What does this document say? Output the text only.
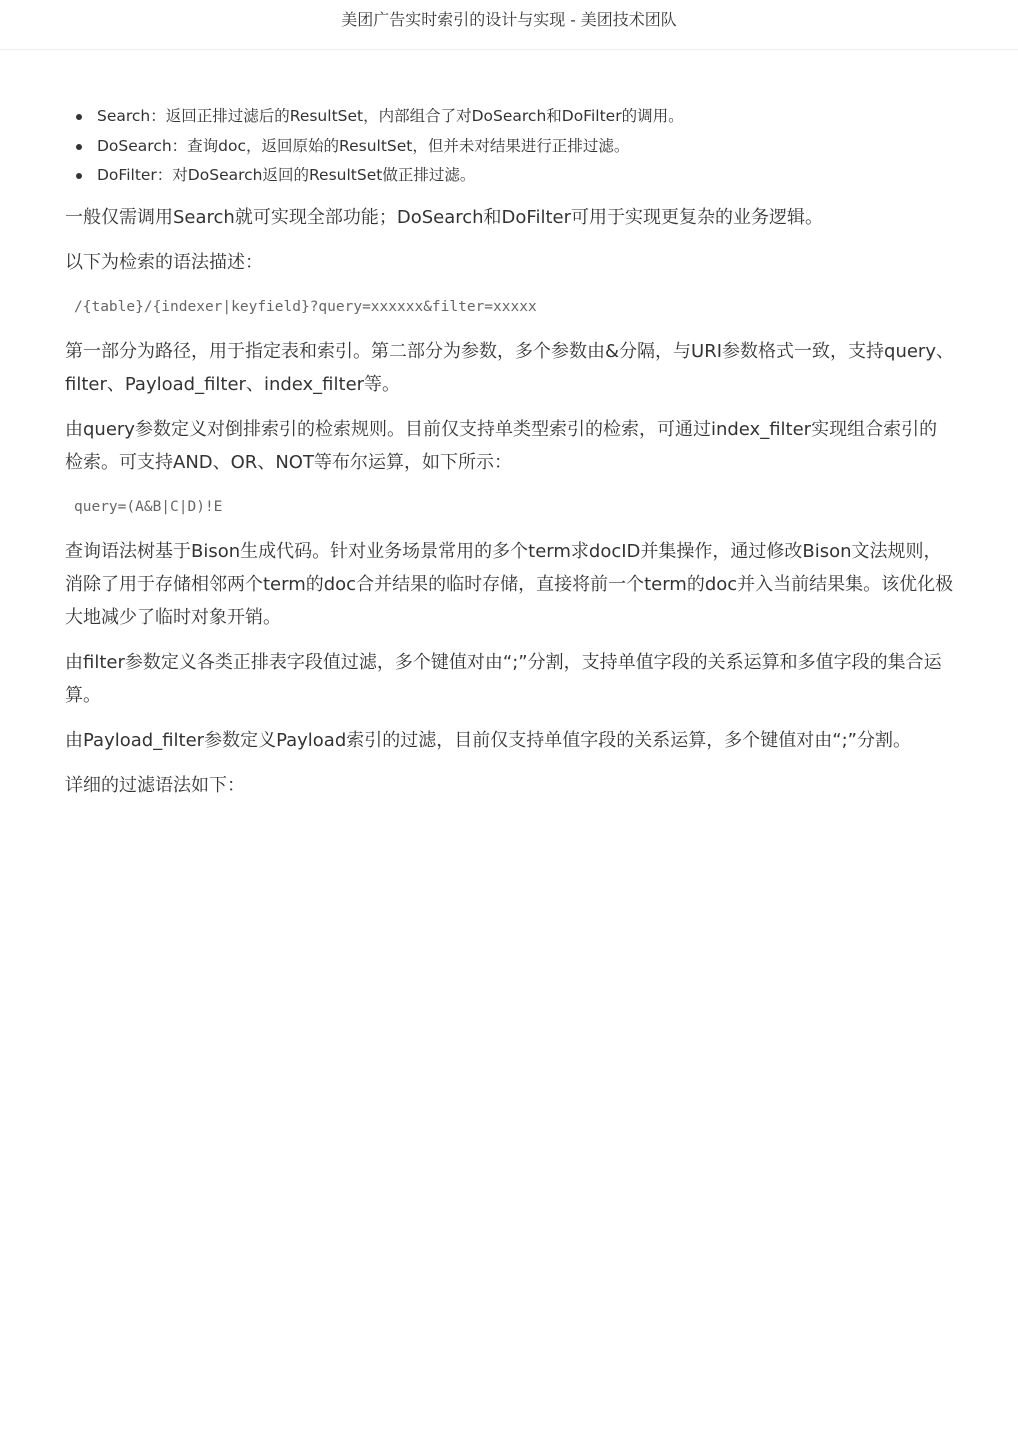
美团广告实时索引的设计与实现 - 美团技术团队
Search：返回正排过滤后的ResultSet，内部组合了对DoSearch和DoFilter的调用。
DoSearch：查询doc，返回原始的ResultSet，但并未对结果进行正排过滤。
DoFilter：对DoSearch返回的ResultSet做正排过滤。

一般仅需调用Search就可实现全部功能；DoSearch和DoFilter可用于实现更复杂的业务逻辑。

以下为检索的语法描述：

/{table}/{indexer|keyfield}?query=xxxxxx&filter=xxxxx

第一部分为路径，用于指定表和索引。第二部分为参数，多个参数由&分隔，与URI参数格式一致，支持query、filter、Payload_filter、index_filter等。

由query参数定义对倒排索引的检索规则。目前仅支持单类型索引的检索，可通过index_filter实现组合索引的检索。可支持AND、OR、NOT等布尔运算，如下所示：

query=(A&B|C|D)!E

查询语法树基于Bison生成代码。针对业务场景常用的多个term求docID并集操作，通过修改Bison文法规则，消除了用于存储相邻两个term的doc合并结果的临时存储，直接将前一个term的doc并入当前结果集。该优化极大地减少了临时对象开销。

由filter参数定义各类正排表字段值过滤，多个键值对由“;”分割，支持单值字段的关系运算和多值字段的集合运算。

由Payload_filter参数定义Payload索引的过滤，目前仅支持单值字段的关系运算，多个键值对由“;”分割。

详细的过滤语法如下：
